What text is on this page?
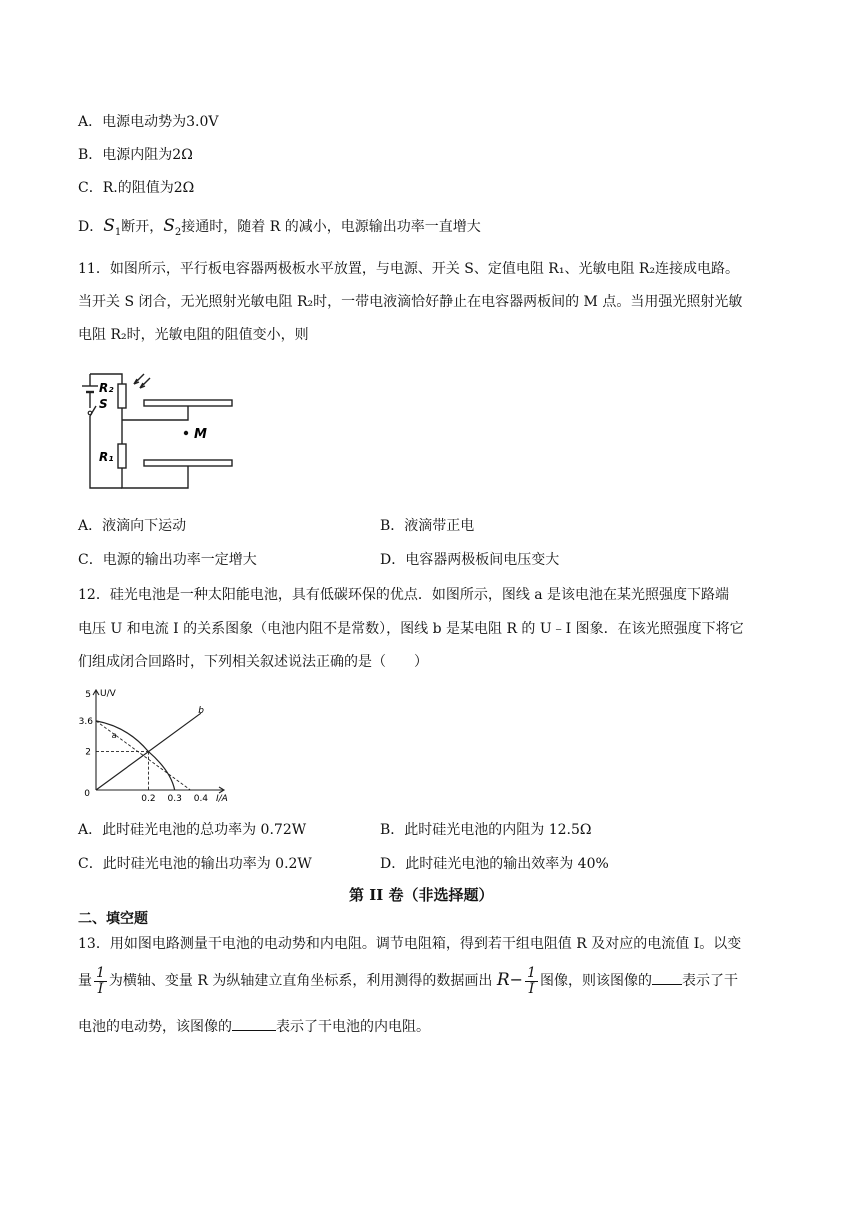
A．电源电动势为3.0V
B．电源内阻为2Ω
C．R.的阻值为2Ω
D．$S_1$断开，$S_2$接通时，随着 R 的减小，电源输出功率一直增大
11．如图所示，平行板电容器两极板水平放置，与电源、开关 S、定值电阻 R₁、光敏电阻 R₂连接成电路。
当开关 S 闭合，无光照射光敏电阻 R₂时，一带电液滴恰好静止在电容器两板间的 M 点。当用强光照射光敏
电阻 R₂时，光敏电阻的阻值变小，则
S
R₂
R₁
M
A．液滴向下运动	B．液滴带正电
C．电源的输出功率一定增大	D．电容器两极板间电压变大
12．硅光电池是一种太阳能电池，具有低碳环保的优点．如图所示，图线 a 是该电池在某光照强度下路端
电压 U 和电流 I 的关系图象（电池内阻不是常数），图线 b 是某电阻 R 的 U﹣I 图象．在该光照强度下将它
们组成闭合回路时，下列相关叙述说法正确的是（　　）
U/V
I/A
5
3.6
2
0.2 0.3 0.4
0
a
b
A．此时硅光电池的总功率为 0.72W	B．此时硅光电池的内阻为 12.5Ω
C．此时硅光电池的输出功率为 0.2W	D．此时硅光电池的输出效率为 40%
第 II 卷（非选择题）
二、填空题
13．用如图电路测量干电池的电动势和内电阻。调节电阻箱，得到若干组电阻值 R 及对应的电流值 I。以变
量 $\frac{1}{I}$ 为横轴、变量 R 为纵轴建立直角坐标系，利用测得的数据画出 $R- \frac{1}{I}$ 图像，则该图像的 表示了干
电池的电动势，该图像的	表示了干电池的内电阻。
